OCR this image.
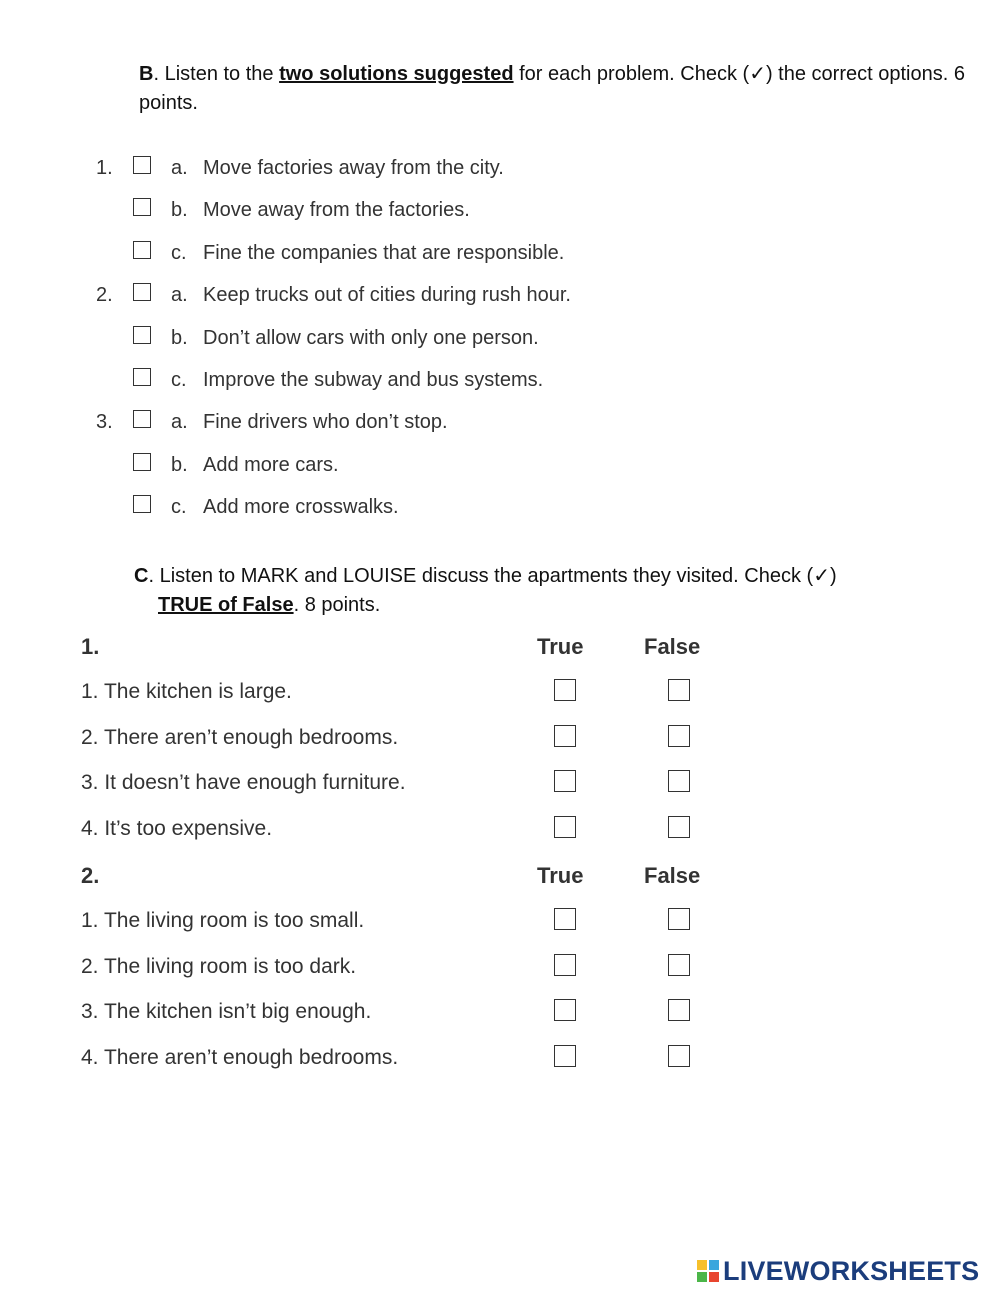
B. Listen to the two solutions suggested for each problem. Check (✓) the correct options. 6 points.
1.	a. Move factories away from the city.
b. Move away from the factories.
c. Fine the companies that are responsible.
2.	a. Keep trucks out of cities during rush hour.
b. Don’t allow cars with only one person.
c. Improve the subway and bus systems.
3.	a. Fine drivers who don’t stop.
b. Add more cars.
c. Add more crosswalks.
C. Listen to MARK and LOUISE discuss the apartments they visited. Check (✓)
TRUE of False. 8 points.
1.	True	False
1. The kitchen is large.
2. There aren’t enough bedrooms.
3. It doesn’t have enough furniture.
4. It’s too expensive.
2.	True	False
1. The living room is too small.
2. The living room is too dark.
3. The kitchen isn’t big enough.
4. There aren’t enough bedrooms.
LIVEWORKSHEETS
